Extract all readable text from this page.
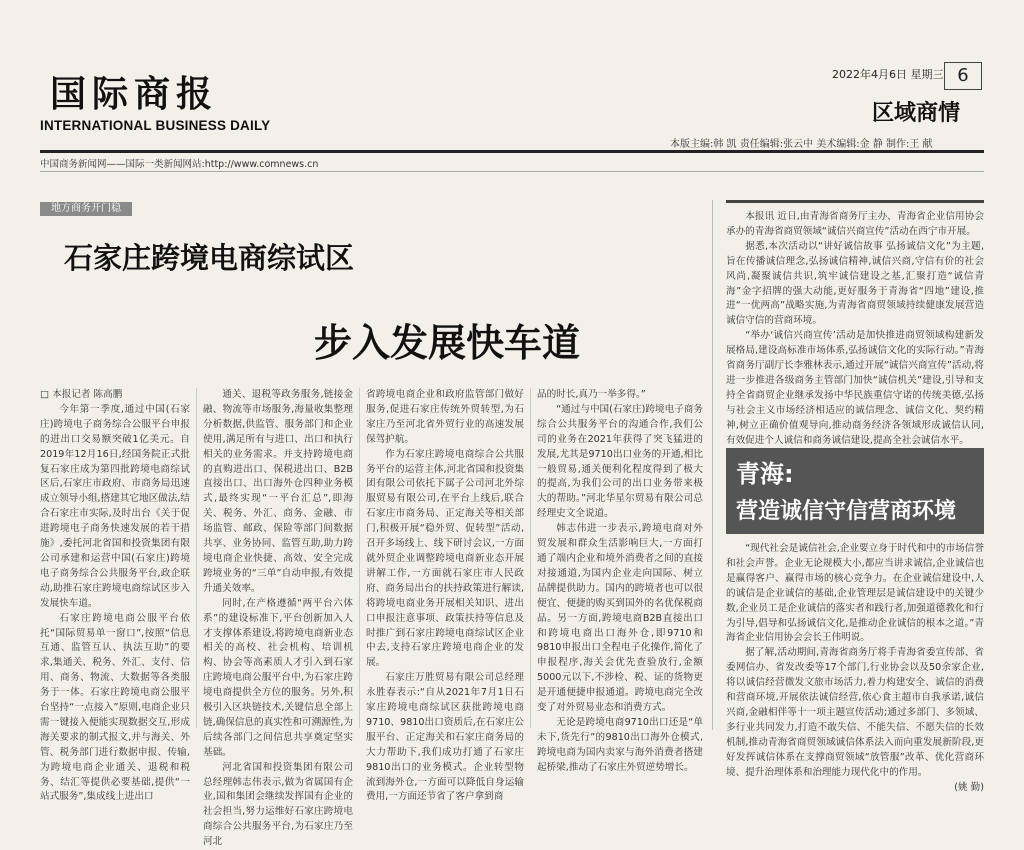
国际商报
INTERNATIONAL BUSINESS DAILY
2022年4月6日 星期三 6
区域商情
本版主编:韩 凯 责任编辑:张云中 美术编辑:金 静 制作:王 献
中国商务新闻网——国际一类新闻网站:http://www.comnews.cn
地方商务开门稳
石家庄跨境电商综试区
步入发展快车道

□ 本报记者 陈高鹏

今年第一季度,通过中国(石家庄)跨境电子商务综合公服平台申报的进出口交易额突破1亿美元。自2019年12月16日,经国务院正式批复石家庄成为第四批跨境电商综试区后,石家庄市政府、市商务局迅速成立领导小组,搭建其它地区做法,结合石家庄市实际,及时出台《关于促进跨境电子商务快速发展的若干措施》,委托河北省国和投资集团有限公司承建和运营中国(石家庄)跨境电子商务综合公共服务平台,政企联动,助推石家庄跨境电商综试区步入发展快车道。

石家庄跨境电商公服平台依托“国际贸易单一窗口”,按照“信息互通、监管互认、执法互助”的要求,集通关、税务、外汇、支付、信用、商务、物流、大数据等各类服务于一体。石家庄跨境电商公服平台坚持“一点接入”原则,电商企业只需一键接入便能实现数据交互,形成海关要求的制式报文,并与海关、外管、税务部门进行数据申报、传输,为跨境电商企业通关、退税和税务、结汇等提供必要基础,提供“一站式服务”,集成线上进出口

通关、退税等政务服务,链接金融、物流等市场服务,海量收集整理分析数据,供监管、服务部门和企业使用,满足所有与进口、出口和执行相关的业务需求。并支持跨境电商的直购进出口、保税进出口、B2B直接出口、出口海外仓四种业务模式,最终实现“一平台汇总”,即海关、税务、外汇、商务、金融、市场监管、邮政、保险等部门间数据共享、业务协同、监管互助,助力跨境电商企业快捷、高效、安全完成跨境业务的“三单”自动申报,有效提升通关效率。

同时,在产格遵循“两平台六体系”的建设标准下,平台创新加入人才支撑体系建设,将跨境电商新业态相关的高校、社会机构、培训机构、协会等高素质人才引入到石家庄跨境电商公服平台中,为石家庄跨境电商提供全方位的服务。另外,积极引入区块链技术,关键信息全部上链,确保信息的真实性和可溯源性,为后续各部门之间信息共享奠定坚实基础。

河北省国和投资集团有限公司总经理韩志伟表示,做为省属国有企业,国和集团会继续发挥国有企业的社会担当,努力运维好石家庄跨境电商综合公共服务平台,为石家庄乃至河北

省跨境电商企业和政府监管部门做好服务,促进石家庄传统外贸转型,为石家庄乃至河北省外贸行业的高速发展保驾护航。

作为石家庄跨境电商综合公共服务平台的运营主体,河北省国和投资集团有限公司依托下属子公司河北外综服贸易有限公司,在平台上线后,联合石家庄市商务局、正定海关等相关部门,积极开展“稳外贸、促转型”活动,召开多场线上、线下研讨会议,一方面就外贸企业调整跨境电商新业态开展讲解工作,一方面就石家庄市人民政府、商务局出台的扶持政策进行解读,将跨境电商业务开展相关知识、进出口申报注意事项、政策扶持等信息及时推广到石家庄跨境电商综试区企业中去,支持石家庄跨境电商企业的发展。

石家庄万胜贸易有限公司总经理永胜春表示:“自从2021年7月1日石家庄跨境电商综试区获批跨境电商9710、9810出口资质后,在石家庄公服平台、正定海关和石家庄商务局的大力帮助下,我们成功打通了石家庄9810出口的业务模式。企业转型物流到海外仓,一方面可以降低自身运输费用,一方面还节省了客户拿到商

品的时长,真乃一举多得。”

“通过与中国(石家庄)跨境电子商务综合公共服务平台的沟通合作,我们公司的业务在2021年获得了突飞猛进的发展,尤其是9710出口业务的开通,相比一般贸易,通关便利化程度得到了极大的提高,为我们公司的出口业务带来极大的帮助。”河北华星尔贸易有限公司总经理史文全说道。

韩志伟进一步表示,跨境电商对外贸发展和群众生活影响巨大,一方面打通了端内企业和境外消费者之间的直接对接通道,为国内企业走向国际、树立品牌提供助力。国内的跨境者也可以很便宜、便捷的购买到国外的名优保税商品。另一方面,跨境电商B2B直接出口和跨境电商出口海外仓,即9710和9810申报出口全程电子化操作,简化了申报程序,海关会优先查验放行,金额5000元以下,不涉检、税、证的货物更是开通便捷申报通道。跨境电商完全改变了对外贸易业态和消费方式。

无论是跨境电商9710出口还是“单未下,货先行”的9810出口海外仓模式,跨境电商为国内卖家与海外消费者搭建起桥梁,推动了石家庄外贸逆势增长。

本报讯 近日,由青海省商务厅主办、青海省企业信用协会承办的青海省商贸领域“诚信兴商宣传”活动在西宁市开展。

据悉,本次活动以“讲好诚信故事 弘扬诚信文化”为主题,旨在传播诚信理念,弘扬诚信精神,诚信兴商,守信有价的社会风尚,凝聚诚信共识,筑牢诚信建设之基,汇聚打造“诚信青海”金字招牌的强大动能,更好服务于青海省“四地”建设,推进“一优两高”战略实施,为青海省商贸领域持续健康发展营造诚信守信的营商环境。

“举办‘诚信兴商宣传’活动是加快推进商贸领域构建新发展格局,建设高标准市场体系,弘扬诚信文化的实际行动。”青海省商务厅副厅长李雅林表示,通过开展“诚信兴商宣传”活动,将进一步推进各级商务主管部门加快“诚信机关”建设,引导和支持全省商贸企业继承发扬中华民族重信守诺的传统美德,弘扬与社会主义市场经济相适应的诚信理念、诚信文化、契约精神,树立正确价值观导向,推动商务经济各领域形成诚信认同,有效促进个人诚信和商务诚信建设,提高全社会诚信水平。

青海:
营造诚信守信营商环境

“现代社会是诚信社会,企业要立身于时代和中的市场信誉和社会声誉。企业无论规模大小,都应当讲求诚信,企业诚信也是赢得客户、赢得市场的核心竞争力。在企业诚信建设中,人的诚信是企业诚信的基础,企业管理层是诚信建设中的关键少数,企业员工是企业诚信的落实者和践行者,加强道德教化和行为引导,倡导和弘扬诚信文化,是推动企业诚信的根本之道。”青海省企业信用协会会长王伟明说。

据了解,活动期间,青海省商务厅将手青海省委宣传部、省委网信办、省发改委等17个部门,行业协会以及50余家企业,将以诚信经营微发文旅市场活力,着力构建安全、诚信的消费和营商环境,开展依法诚信经营,依心食主超市自我承诺,诚信兴商,金融相伴等十一项主题宣传活动;通过多部门、多领域、多行业共同发力,打造不敢失信、不能失信、不愿失信的长效机制,推动青海省商贸领域诚信体系法入而向重发展新阶段,更好发挥诚信体系在支撑商贸领域“放管服”改革、优化营商环境、提升治理体系和治理能力现代化中的作用。

(姚 勤)
